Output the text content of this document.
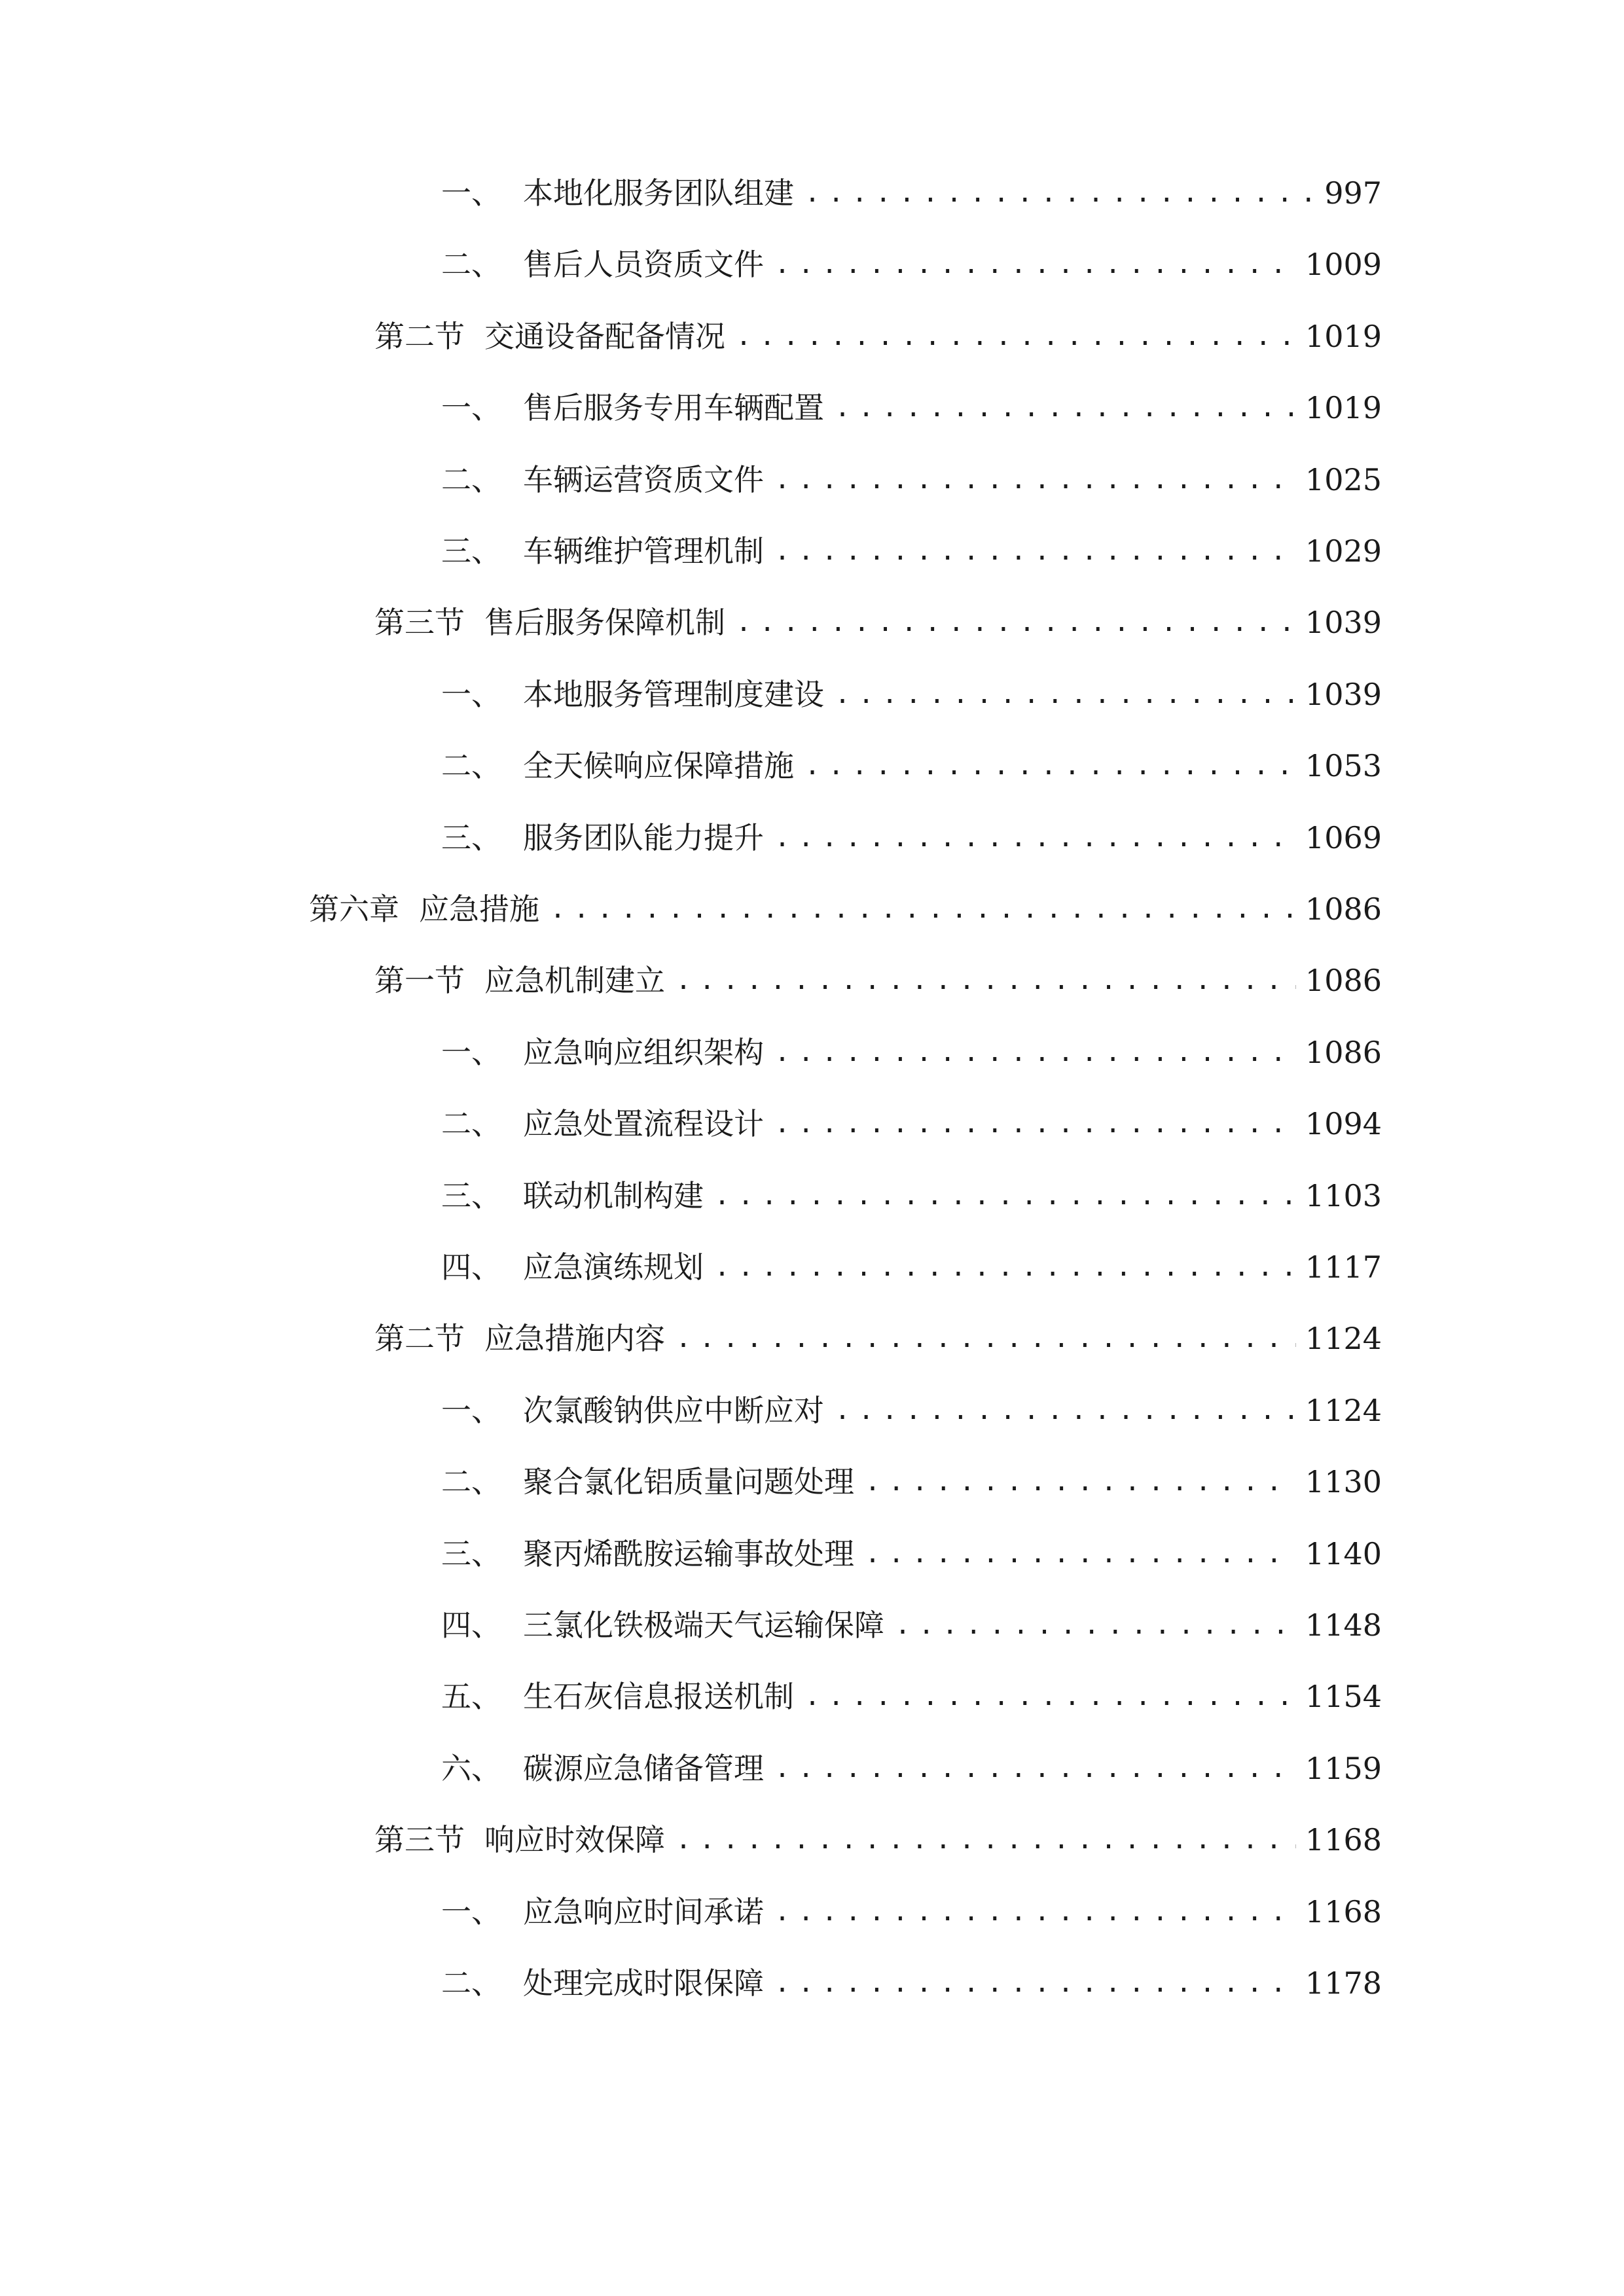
一、 本地化服务团队组建 .....	997
二、 售后人员资质文件 .....	1009
第二节 交通设备配备情况 .....	1019
一、 售后服务专用车辆配置 .....	1019
二、 车辆运营资质文件 .....	1025
三、 车辆维护管理机制 .....	1029
第三节 售后服务保障机制 .....	1039
一、 本地服务管理制度建设 .....	1039
二、 全天候响应保障措施 .....	1053
三、 服务团队能力提升 .....	1069
第六章 应急措施 .....	1086
第一节 应急机制建立 .....	1086
一、 应急响应组织架构 .....	1086
二、 应急处置流程设计 .....	1094
三、 联动机制构建 .....	1103
四、 应急演练规划 .....	1117
第二节 应急措施内容 .....	1124
一、 次氯酸钠供应中断应对 .....	1124
二、 聚合氯化铝质量问题处理 .....	1130
三、 聚丙烯酰胺运输事故处理 .....	1140
四、 三氯化铁极端天气运输保障 .....	1148
五、 生石灰信息报送机制 .....	1154
六、 碳源应急储备管理 .....	1159
第三节 响应时效保障 .....	1168
一、 应急响应时间承诺 .....	1168
二、 处理完成时限保障 .....	1178
